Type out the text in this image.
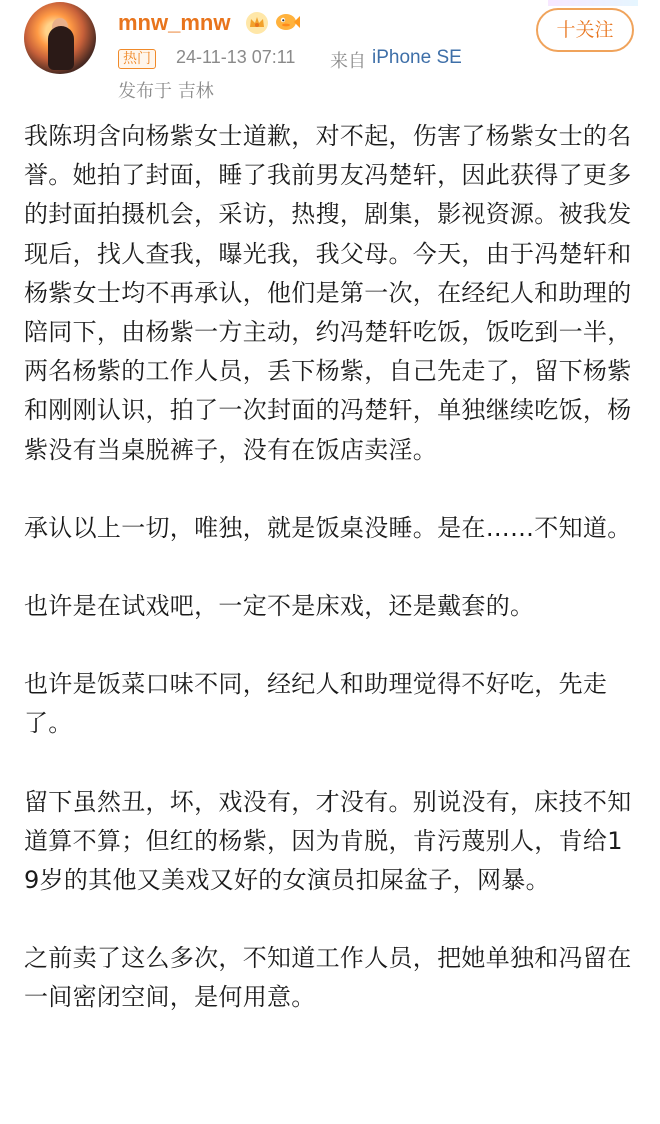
mnw_mnw
热门 24-11-13 07:11 来自 iPhone SE
发布于 吉林
十关注

我陈玥含向杨紫女士道歉，对不起，伤害了杨紫女士的名誉。她拍了封面，睡了我前男友冯楚轩，因此获得了更多的封面拍摄机会，采访，热搜，剧集，影视资源。被我发现后，找人查我，曝光我，我父母。今天，由于冯楚轩和杨紫女士均不再承认，他们是第一次，在经纪人和助理的陪同下，由杨紫一方主动，约冯楚轩吃饭，饭吃到一半，两名杨紫的工作人员，丢下杨紫，自己先走了，留下杨紫和刚刚认识，拍了一次封面的冯楚轩，单独继续吃饭，杨紫没有当桌脱裤子，没有在饭店卖淫。

承认以上一切，唯独，就是饭桌没睡。是在……不知道。

也许是在试戏吧，一定不是床戏，还是戴套的。

也许是饭菜口味不同，经纪人和助理觉得不好吃，先走了。

留下虽然丑，坏，戏没有，才没有。别说没有，床技不知道算不算；但红的杨紫，因为肯脱，肯污蔑别人，肯给19岁的其他又美戏又好的女演员扣屎盆子，网暴。

之前卖了这么多次，不知道工作人员，把她单独和冯留在一间密闭空间，是何用意。
